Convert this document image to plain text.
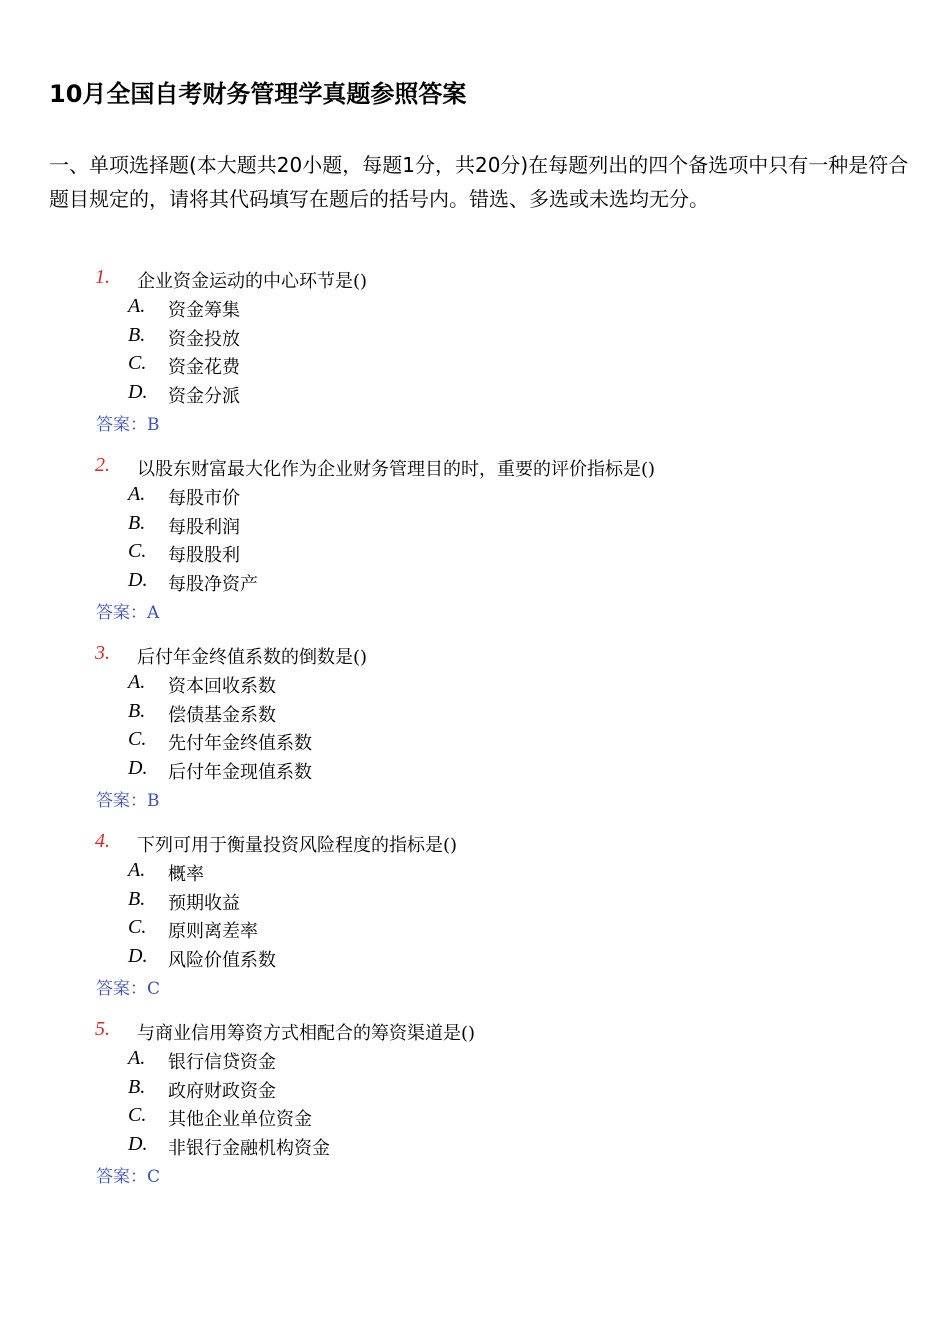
10月全国自考财务管理学真题参照答案
一、单项选择题(本大题共20小题，每题1分，共20分)在每题列出的四个备选项中只有一种是符合题目规定的，请将其代码填写在题后的括号内。错选、多选或未选均无分。
1. 企业资金运动的中心环节是()
A. 资金筹集
B. 资金投放
C. 资金花费
D. 资金分派
答案：B
2. 以股东财富最大化作为企业财务管理目的时，重要的评价指标是()
A. 每股市价
B. 每股利润
C. 每股股利
D. 每股净资产
答案：A
3. 后付年金终值系数的倒数是()
A. 资本回收系数
B. 偿债基金系数
C. 先付年金终值系数
D. 后付年金现值系数
答案：B
4. 下列可用于衡量投资风险程度的指标是()
A. 概率
B. 预期收益
C. 原则离差率
D. 风险价值系数
答案：C
5. 与商业信用筹资方式相配合的筹资渠道是()
A. 银行信贷资金
B. 政府财政资金
C. 其他企业单位资金
D. 非银行金融机构资金
答案：C
